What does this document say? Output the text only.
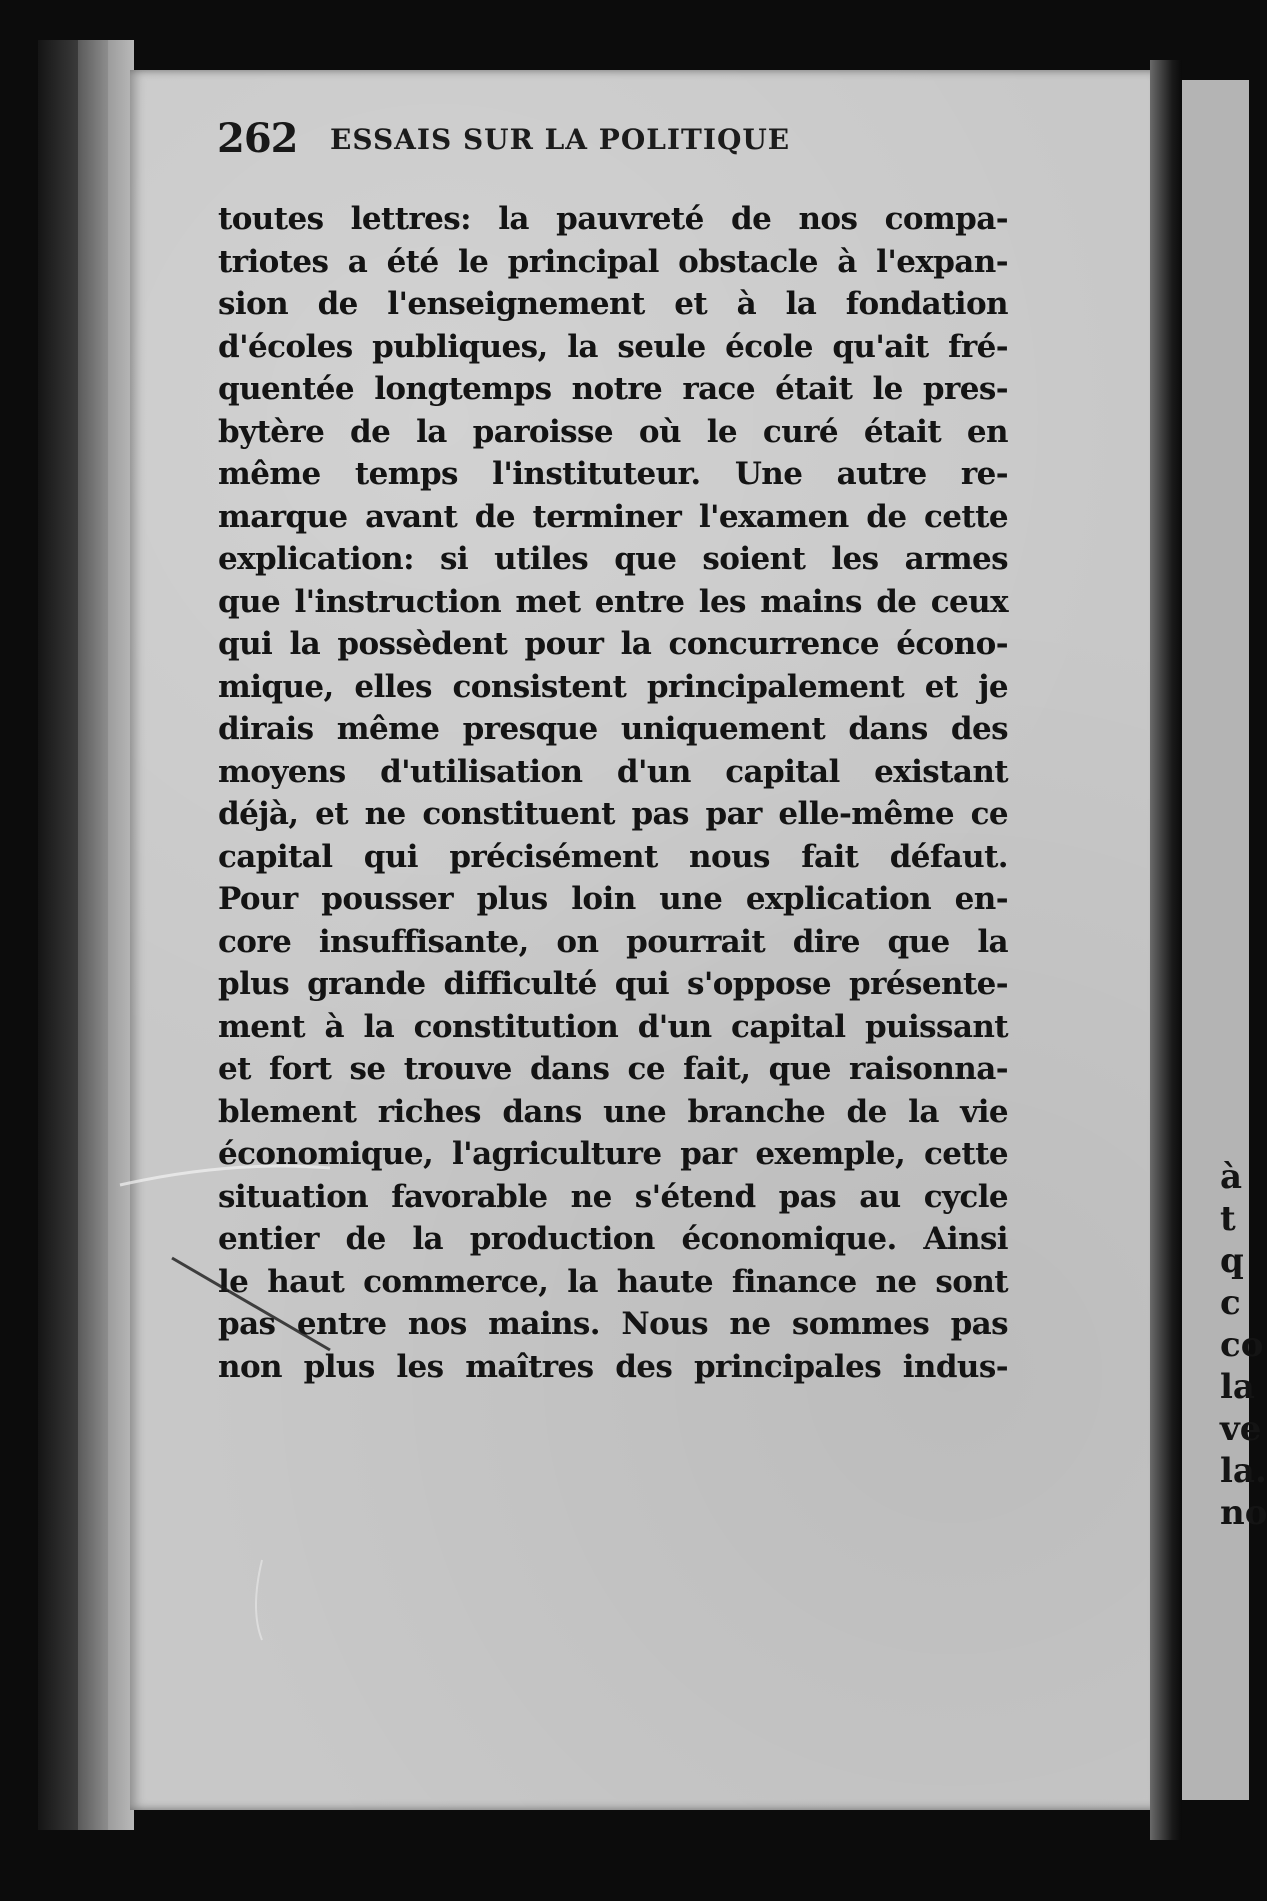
à
t
q
c
co
la
ve
la.
no
262 ESSAIS SUR LA POLITIQUE
toutes lettres: la pauvreté de nos compa-
triotes a été le principal obstacle à l'expan-
sion de l'enseignement et à la fondation
d'écoles publiques, la seule école qu'ait fré-
quentée longtemps notre race était le pres-
bytère de la paroisse où le curé était en
même temps l'instituteur. Une autre re-
marque avant de terminer l'examen de cette
explication: si utiles que soient les armes
que l'instruction met entre les mains de ceux
qui la possèdent pour la concurrence écono-
mique, elles consistent principalement et je
dirais même presque uniquement dans des
moyens d'utilisation d'un capital existant
déjà, et ne constituent pas par elle-même ce
capital qui précisément nous fait défaut.
Pour pousser plus loin une explication en-
core insuffisante, on pourrait dire que la
plus grande difficulté qui s'oppose présente-
ment à la constitution d'un capital puissant
et fort se trouve dans ce fait, que raisonna-
blement riches dans une branche de la vie
économique, l'agriculture par exemple, cette
situation favorable ne s'étend pas au cycle
entier de la production économique. Ainsi
le haut commerce, la haute finance ne sont
pas entre nos mains. Nous ne sommes pas
non plus les maîtres des principales indus-
